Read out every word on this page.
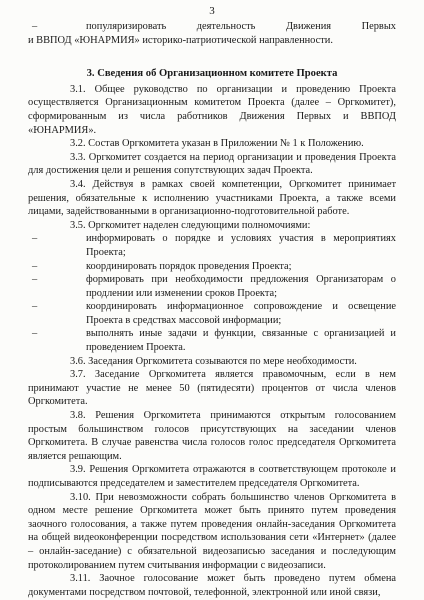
3

–	популяризировать деятельность Движения Первых

и ВВПОД «ЮНАРМИЯ» историко-патриотической направленности.

3. Сведения об Организационном комитете Проекта

3.1. Общее руководство по организации и проведению Проекта осуществляется Организационным комитетом Проекта (далее – Оргкомитет), сформированным из числа работников Движения Первых и ВВПОД «ЮНАРМИЯ».

3.2. Состав Оргкомитета указан в Приложении № 1 к Положению.

3.3. Оргкомитет создается на период организации и проведения Проекта для достижения цели и решения сопутствующих задач Проекта.

3.4. Действуя в рамках своей компетенции, Оргкомитет принимает решения, обязательные к исполнению участниками Проекта, а также всеми лицами, задействованными в организационно-подготовительной работе.

3.5. Оргкомитет наделен следующими полномочиями:

–	информировать о порядке и условиях участия в мероприятиях Проекта;

–	координировать порядок проведения Проекта;

–	формировать при необходимости предложения Организаторам о продлении или изменении сроков Проекта;

–	координировать информационное сопровождение и освещение Проекта в средствах массовой информации;

–	выполнять иные задачи и функции, связанные с организацией и проведением Проекта.

3.6. Заседания Оргкомитета созываются по мере необходимости.

3.7. Заседание Оргкомитета является правомочным, если в нем принимают участие не менее 50 (пятидесяти) процентов от числа членов Оргкомитета.

3.8. Решения Оргкомитета принимаются открытым голосованием простым большинством голосов присутствующих на заседании членов Оргкомитета. В случае равенства числа голосов голос председателя Оргкомитета является решающим.

3.9. Решения Оргкомитета отражаются в соответствующем протоколе и подписываются председателем и заместителем председателя Оргкомитета.

3.10. При невозможности собрать большинство членов Оргкомитета в одном месте решение Оргкомитета может быть принято путем проведения заочного голосования, а также путем проведения онлайн-заседания Оргкомитета на общей видеоконференции посредством использования сети «Интернет» (далее – онлайн-заседание) с обязательной видеозаписью заседания и последующим протоколированием путем считывания информации с видеозаписи.

3.11. Заочное голосование может быть проведено путем обмена документами посредством почтовой, телефонной, электронной или иной связи,
